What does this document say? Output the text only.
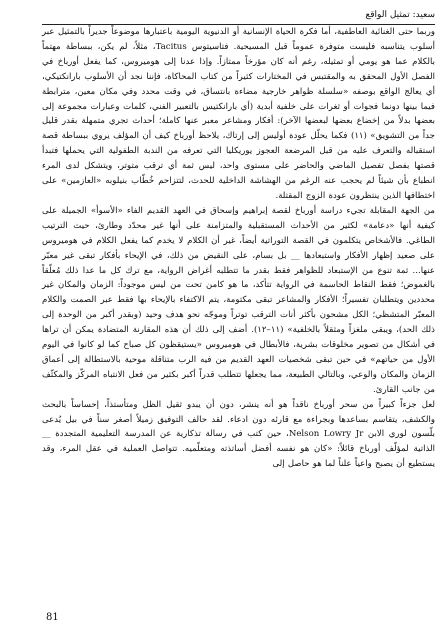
سعيد: تمثيل الواقع

وربما حتى الغنائية العاطفية، أما فكرة الحياة الإنسانية أو الدنيوية اليومية باعتبارها موضوعاً جديراً بالتمثيل عبر أسلوب يتناسبه فليست متوفرة عموماً قبل المسيحية. فتاسيتوس Tacitus، مثلاً، لم يكن، ببساطة مهتماً بالكلام عما هو يومي أو تمثيله، رغم أنه كان مؤرخاً ممتازاً. وإذا عدنا إلى هوميروس، كما يفعل أورباخ في الفصل الأول المحقق به والمقتبس في المختارات كثيراً من كتاب المحاكاة، فإننا نجد أن الأسلوب بارانكتيكي، أي يعالج الواقع بوصفه «سلسلة ظواهر خارجية مضاءة بانتساق، في وقت محدد وفي مكان معين، مترابطة فيما بينها دونما فجوات أو ثغرات على خلفية أبدية (أي بارانكتيس بالتعبير الفني، كلمات وعبارات مجموعة إلى بعضها بدلاً من إخضاع بعضها لبعضها الآخر): أفكار ومشاعر معبر عنها كاملة؛ أحداث تجري متمهلة بقدر قليل جداً من التشويق» (١١) فكما يحلّل عودة أوليس إلى إرتاك، يلاحظ أورباخ كيف أن المؤلف يروي ببساطة قصة استقباله والتعرف عليه من قبل المرضعة العجوز يوريكليا التي تعرفه من الندبة الطفولية التي يحملها فتبدأ قصتها بفصل تفصيل الماضي والحاضر على مستوى واحد، ليس ثمة أي ترقب متوتر، ويتشكل لدى المرء انطباع بأن شيئاً لم يحجب عنه الرغم من الهشاشة الداخلية للحدث، لتتزاحم خُطّاب بنيلوبه «العازمين» على اختطافها الذين ينتظرون عودة الزوج المقتلة.

من الجهة المقابلة تجيء دراسة أورباخ لقصة إبراهيم وإسحاق في العهد القديم الفاء «الأسوأ» الجميلة على كيفية أنها «دعامة» لكثير من الأحداث المستقبلية والمتزامنة على أنها غير محدّد وطارئ، حيث الترتيب الطاغي. فالأشخاص يتكلمون في القصة التوراتية أيضاً، غير أن الكلام لا يخدم كما يفعل الكلام في هوميروس على صعيد إظهار الأفكار واستبعادها __ بل بسام، على النقيض من ذلك، في الإيحاء بأفكار تبقى غير معبّر عنها... ثمة تنوع من الإستبعاد للظواهر فقط بقدر ما تتطلبه أغراض الرواية، مع ترك كل ما عدا ذلك مُعلّقاً بالغموض؛ فقط النقاط الحاسمة في الرواية تتأكد، ما هو كامن تحت من ليس موجوداً: الزمان والمكان غير محددين ويتطلبان تفسيراً؛ الأفكار والمشاعر تبقى مكتومة، يتم الاكتفاء بالإيحاء بها فقط عبر الصمت والكلام المعبّر المتشظي؛ الكل مشحون بأكثر أنات الترقب توتراً وموجّه نحو هدف وحيد (وبقدر أكبر من الوحدة إلى ذلك الحد)، ويبقى ملغزاً ومثقلاً بالخلفية» (١١–١٢). أضف إلى ذلك أن هذه المقارنة المتضادة يمكن أن تراها في أشكال من تصوير مخلوقات بشرية، فالأبطال في هوميروس «يستيقظون كل صباح كما لو كانوا في اليوم الأول من حياتهم» في حين تبقى شخصيات العهد القديم من فيه الرب متناقلة موحية بالاستطالة إلى أعماق الزمان والمكان والوعي، وبالتالي الطبيعة، مما يجعلها تتطلب قدراً أكبر بكثير من فعل الانتباه المركّز والمكثّف من جانب القارئ.

لعل جزءاً كبيراً من سحر أورباخ ناقداً هو أنه ينشر، دون أن يبدو ثقيل الظل ومتأستذاً، إحساساً بالبحث والكشف، يتقاسم بساعدها وبجراءة مع قارئه دون ادعاء. لقد حالف التوفيق زميلاً أصغر سناً في بيل يُدعى بلّسون لوري الابن Nelson Lowry Jr، حين كتب في رسالة تذكارية عن المدرسة التعليمية المتجددة __ الذاتية لمؤلّف أورباخ قائلاً: «كان هو نفسه أفضل أساتذته ومتعلّميه. تتواصل العملية في عقل المرء، وقد يستطيع أن يصبح واعياً علناً لما هو حاصل إلى

81
